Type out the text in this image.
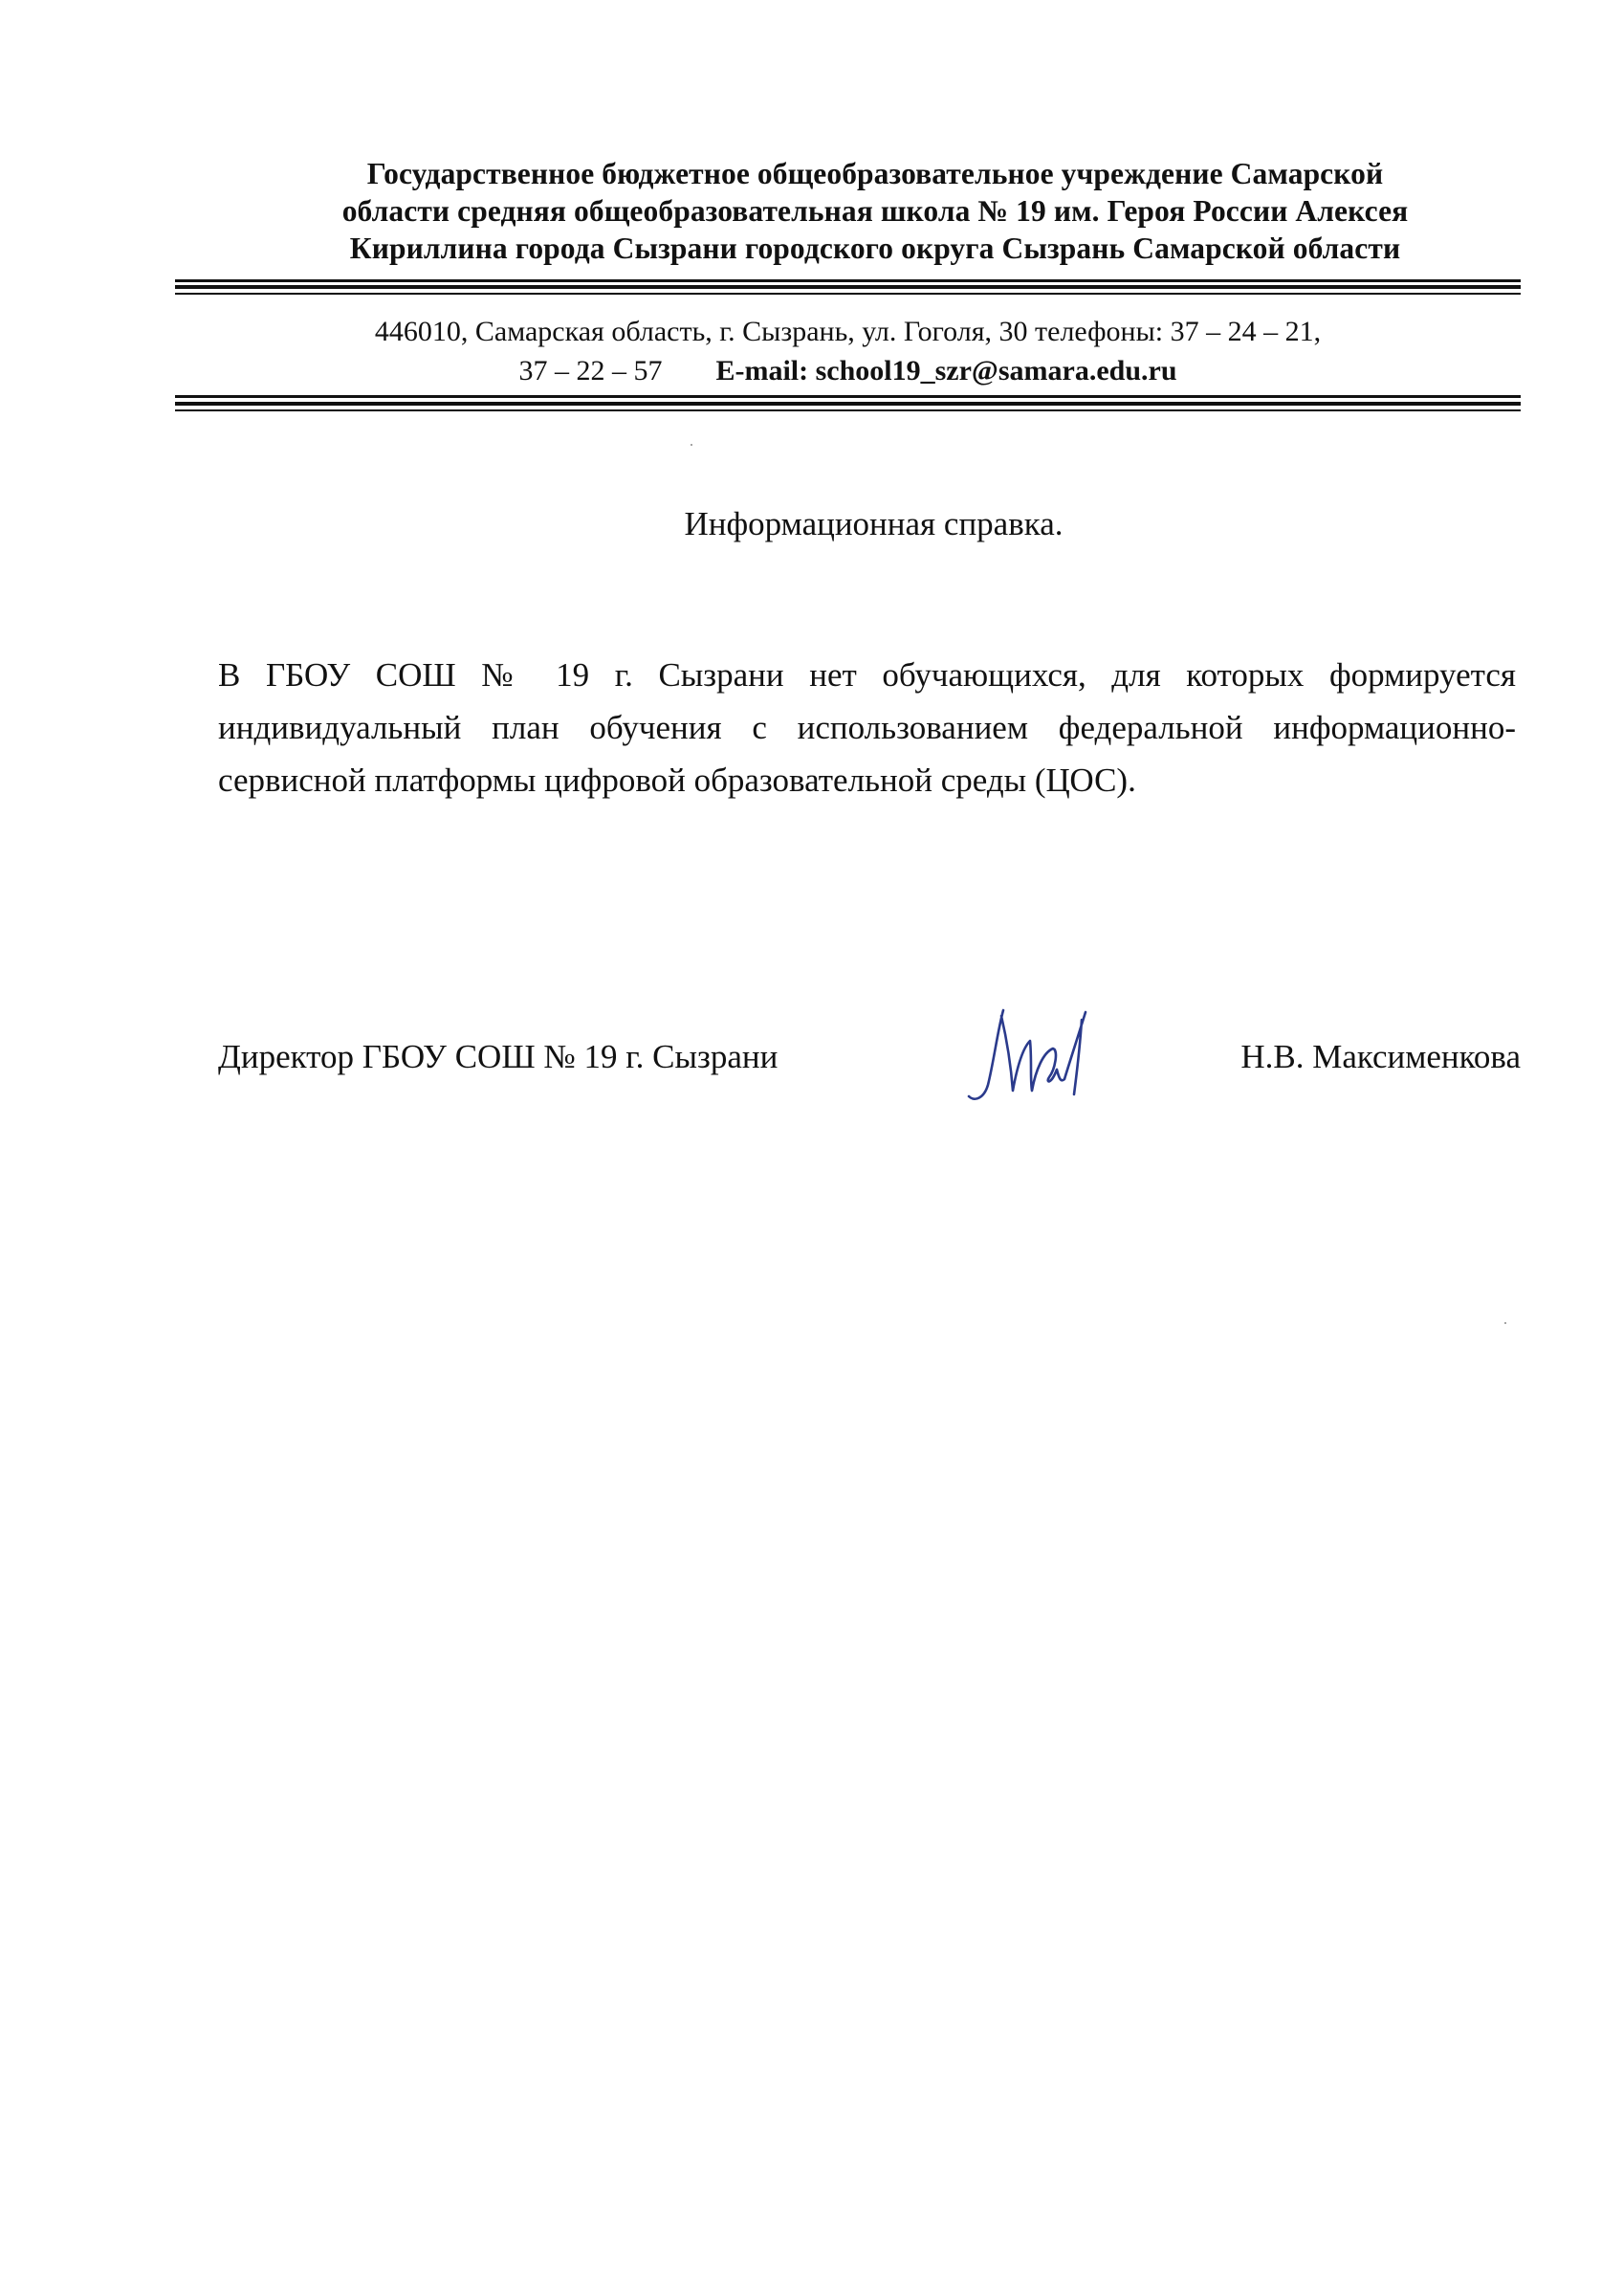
Государственное бюджетное общеобразовательное учреждение Самарской
области средняя общеобразовательная школа № 19 им. Героя России Алексея
Кириллина города Сызрани городского округа Сызрань Самарской области
446010, Самарская область, г. Сызрань, ул. Гоголя, 30 телефоны: 37 – 24 – 21,
37 – 22 – 57 E-mail: school19_szr@samara.edu.ru
Информационная справка.
В ГБОУ СОШ № 19 г. Сызрани нет обучающихся, для которых формируется индивидуальный план обучения с использованием федеральной информационно-сервисной платформы цифровой образовательной среды (ЦОС).
Директор ГБОУ СОШ № 19 г. Сызрани	Н.В. Максименкова
